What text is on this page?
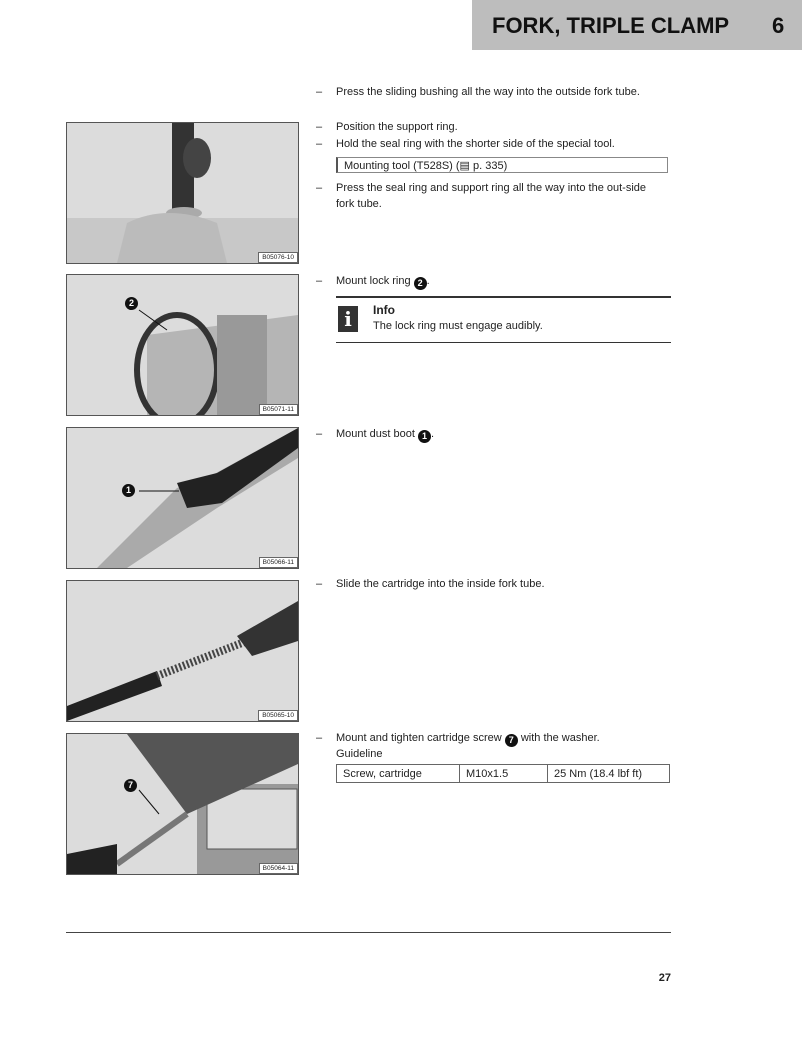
FORK, TRIPLE CLAMP 6
B05076-10
2
B05071-11
1
B05066-11
B05065-10
7
B05064-11
– Press the sliding bushing all the way into the outside fork tube.
– Position the support ring.
– Hold the seal ring with the shorter side of the special tool.
Mounting tool (T528S) (▤ p. 335)
– Press the seal ring and support ring all the way into the out-side fork tube.
– Mount lock ring 2 .
i	Info
The lock ring must engage audibly.
– Mount dust boot 1 .
– Slide the cartridge into the inside fork tube.
– Mount and tighten cartridge screw 7 with the washer.
Guideline
Screw, cartridge	M10x1.5	25 Nm (18.4 lbf ft)
27
